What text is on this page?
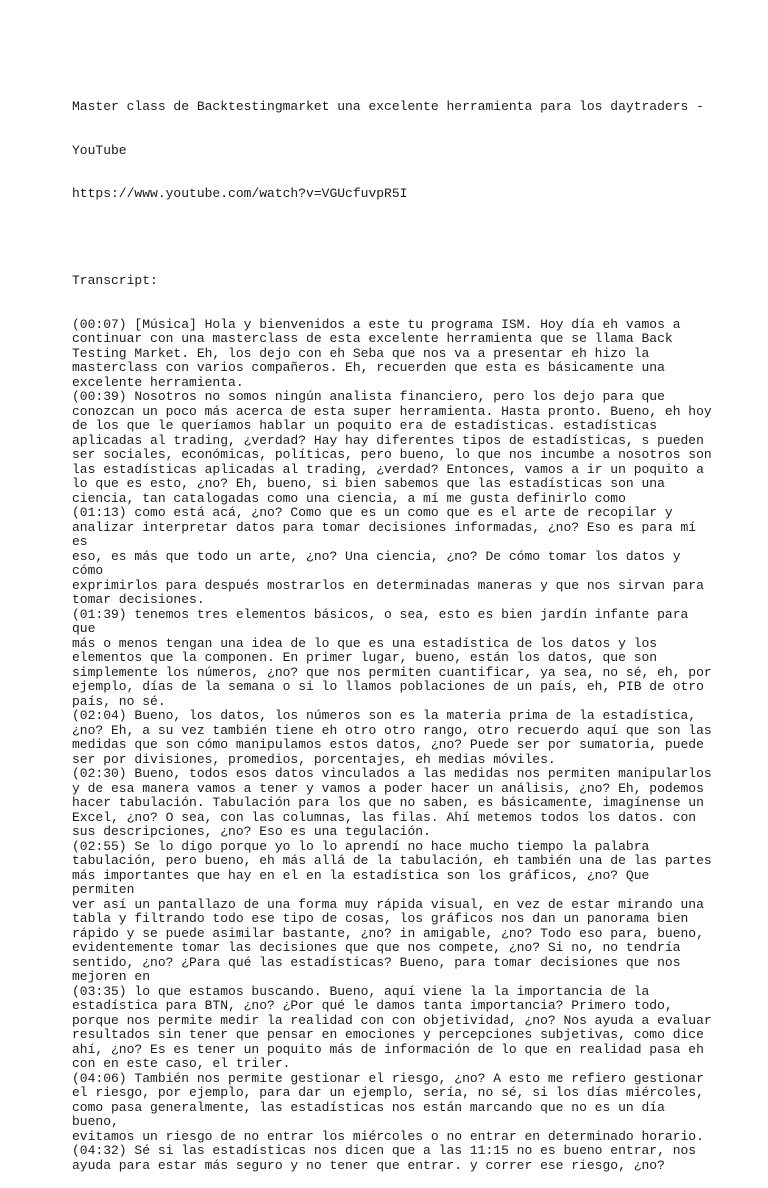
Master class de Backtestingmarket una excelente herramienta para los daytraders -

YouTube

https://www.youtube.com/watch?v=VGUcfuvpR5I

Transcript:

(00:07) [Música] Hola y bienvenidos a este tu programa ISM. Hoy día eh vamos a
continuar con una masterclass de esta excelente herramienta que se llama Back
Testing Market. Eh, los dejo con eh Seba que nos va a presentar eh hizo la
masterclass con varios compañeros. Eh, recuerden que esta es básicamente una
excelente herramienta.
(00:39) Nosotros no somos ningún analista financiero, pero los dejo para que
conozcan un poco más acerca de esta super herramienta. Hasta pronto. Bueno, eh hoy
de los que le queríamos hablar un poquito era de estadísticas. estadísticas
aplicadas al trading, ¿verdad? Hay hay diferentes tipos de estadísticas, s pueden
ser sociales, económicas, políticas, pero bueno, lo que nos incumbe a nosotros son
las estadísticas aplicadas al trading, ¿verdad? Entonces, vamos a ir un poquito a
lo que es esto, ¿no? Eh, bueno, si bien sabemos que las estadísticas son una
ciencia, tan catalogadas como una ciencia, a mí me gusta definirlo como
(01:13) como está acá, ¿no? Como que es un como que es el arte de recopilar y
analizar interpretar datos para tomar decisiones informadas, ¿no? Eso es para mí es
eso, es más que todo un arte, ¿no? Una ciencia, ¿no? De cómo tomar los datos y cómo
exprimirlos para después mostrarlos en determinadas maneras y que nos sirvan para
tomar decisiones.
(01:39) tenemos tres elementos básicos, o sea, esto es bien jardín infante para que
más o menos tengan una idea de lo que es una estadística de los datos y los
elementos que la componen. En primer lugar, bueno, están los datos, que son
simplemente los números, ¿no? que nos permiten cuantificar, ya sea, no sé, eh, por
ejemplo, días de la semana o si lo llamos poblaciones de un país, eh, PIB de otro
país, no sé.
(02:04) Bueno, los datos, los números son es la materia prima de la estadística,
¿no? Eh, a su vez también tiene eh otro otro rango, otro recuerdo aquí que son las
medidas que son cómo manipulamos estos datos, ¿no? Puede ser por sumatoria, puede
ser por divisiones, promedios, porcentajes, eh medias móviles.
(02:30) Bueno, todos esos datos vinculados a las medidas nos permiten manipularlos
y de esa manera vamos a tener y vamos a poder hacer un análisis, ¿no? Eh, podemos
hacer tabulación. Tabulación para los que no saben, es básicamente, imagínense un
Excel, ¿no? O sea, con las columnas, las filas. Ahí metemos todos los datos. con
sus descripciones, ¿no? Eso es una tegulación.
(02:55) Se lo digo porque yo lo lo aprendí no hace mucho tiempo la palabra
tabulación, pero bueno, eh más allá de la tabulación, eh también una de las partes
más importantes que hay en el en la estadística son los gráficos, ¿no? Que permiten
ver así un pantallazo de una forma muy rápida visual, en vez de estar mirando una
tabla y filtrando todo ese tipo de cosas, los gráficos nos dan un panorama bien
rápido y se puede asimilar bastante, ¿no? in amigable, ¿no? Todo eso para, bueno,
evidentemente tomar las decisiones que que nos compete, ¿no? Si no, no tendría
sentido, ¿no? ¿Para qué las estadísticas? Bueno, para tomar decisiones que nos
mejoren en
(03:35) lo que estamos buscando. Bueno, aquí viene la la importancia de la
estadística para BTN, ¿no? ¿Por qué le damos tanta importancia? Primero todo,
porque nos permite medir la realidad con con objetividad, ¿no? Nos ayuda a evaluar
resultados sin tener que pensar en emociones y percepciones subjetivas, como dice
ahí, ¿no? Es es tener un poquito más de información de lo que en realidad pasa eh
con en este caso, el triler.
(04:06) También nos permite gestionar el riesgo, ¿no? A esto me refiero gestionar
el riesgo, por ejemplo, para dar un ejemplo, sería, no sé, si los días miércoles,
como pasa generalmente, las estadísticas nos están marcando que no es un día bueno,
evitamos un riesgo de no entrar los miércoles o no entrar en determinado horario.
(04:32) Sé si las estadísticas nos dicen que a las 11:15 no es bueno entrar, nos
ayuda para estar más seguro y no tener que entrar. y correr ese riesgo, ¿no?
